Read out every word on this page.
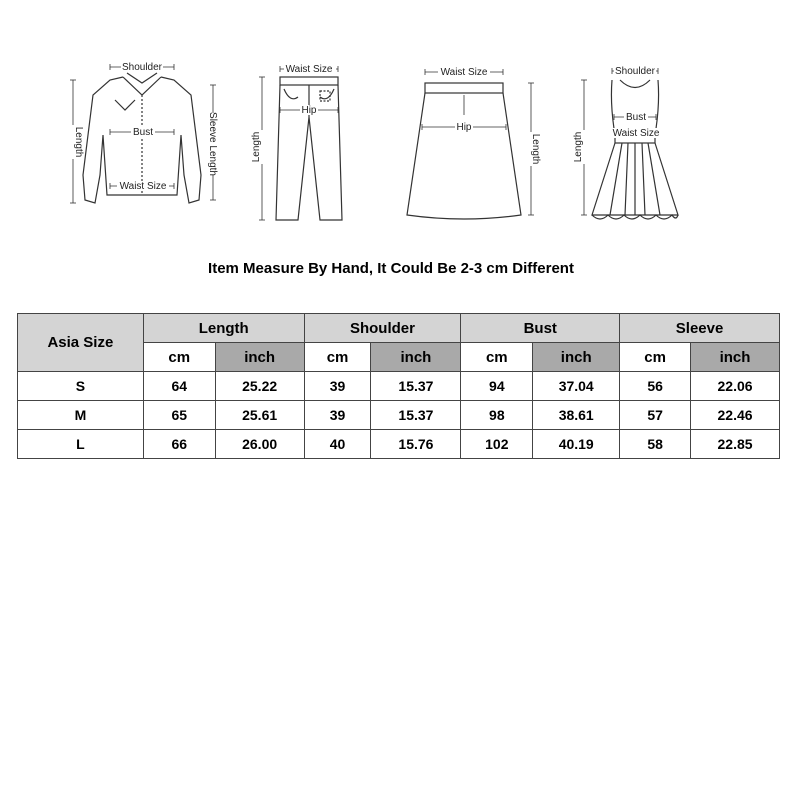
Shoulder
Bust
Waist Size
Length	Sleeve Length
Waist Size
Hip
Length
Waist Size
Hip
Length
Shoulder
Bust
Waist Size
Length
Item Measure By Hand, It Could Be 2-3 cm Different
Asia Size	Length		Shoulder		Bust		Sleeve	
	cm	inch	cm	inch	cm	inch	cm	inch
S	64	25.22	39	15.37	94	37.04	56	22.06
M	65	25.61	39	15.37	98	38.61	57	22.46
L	66	26.00	40	15.76	102	40.19	58	22.85
